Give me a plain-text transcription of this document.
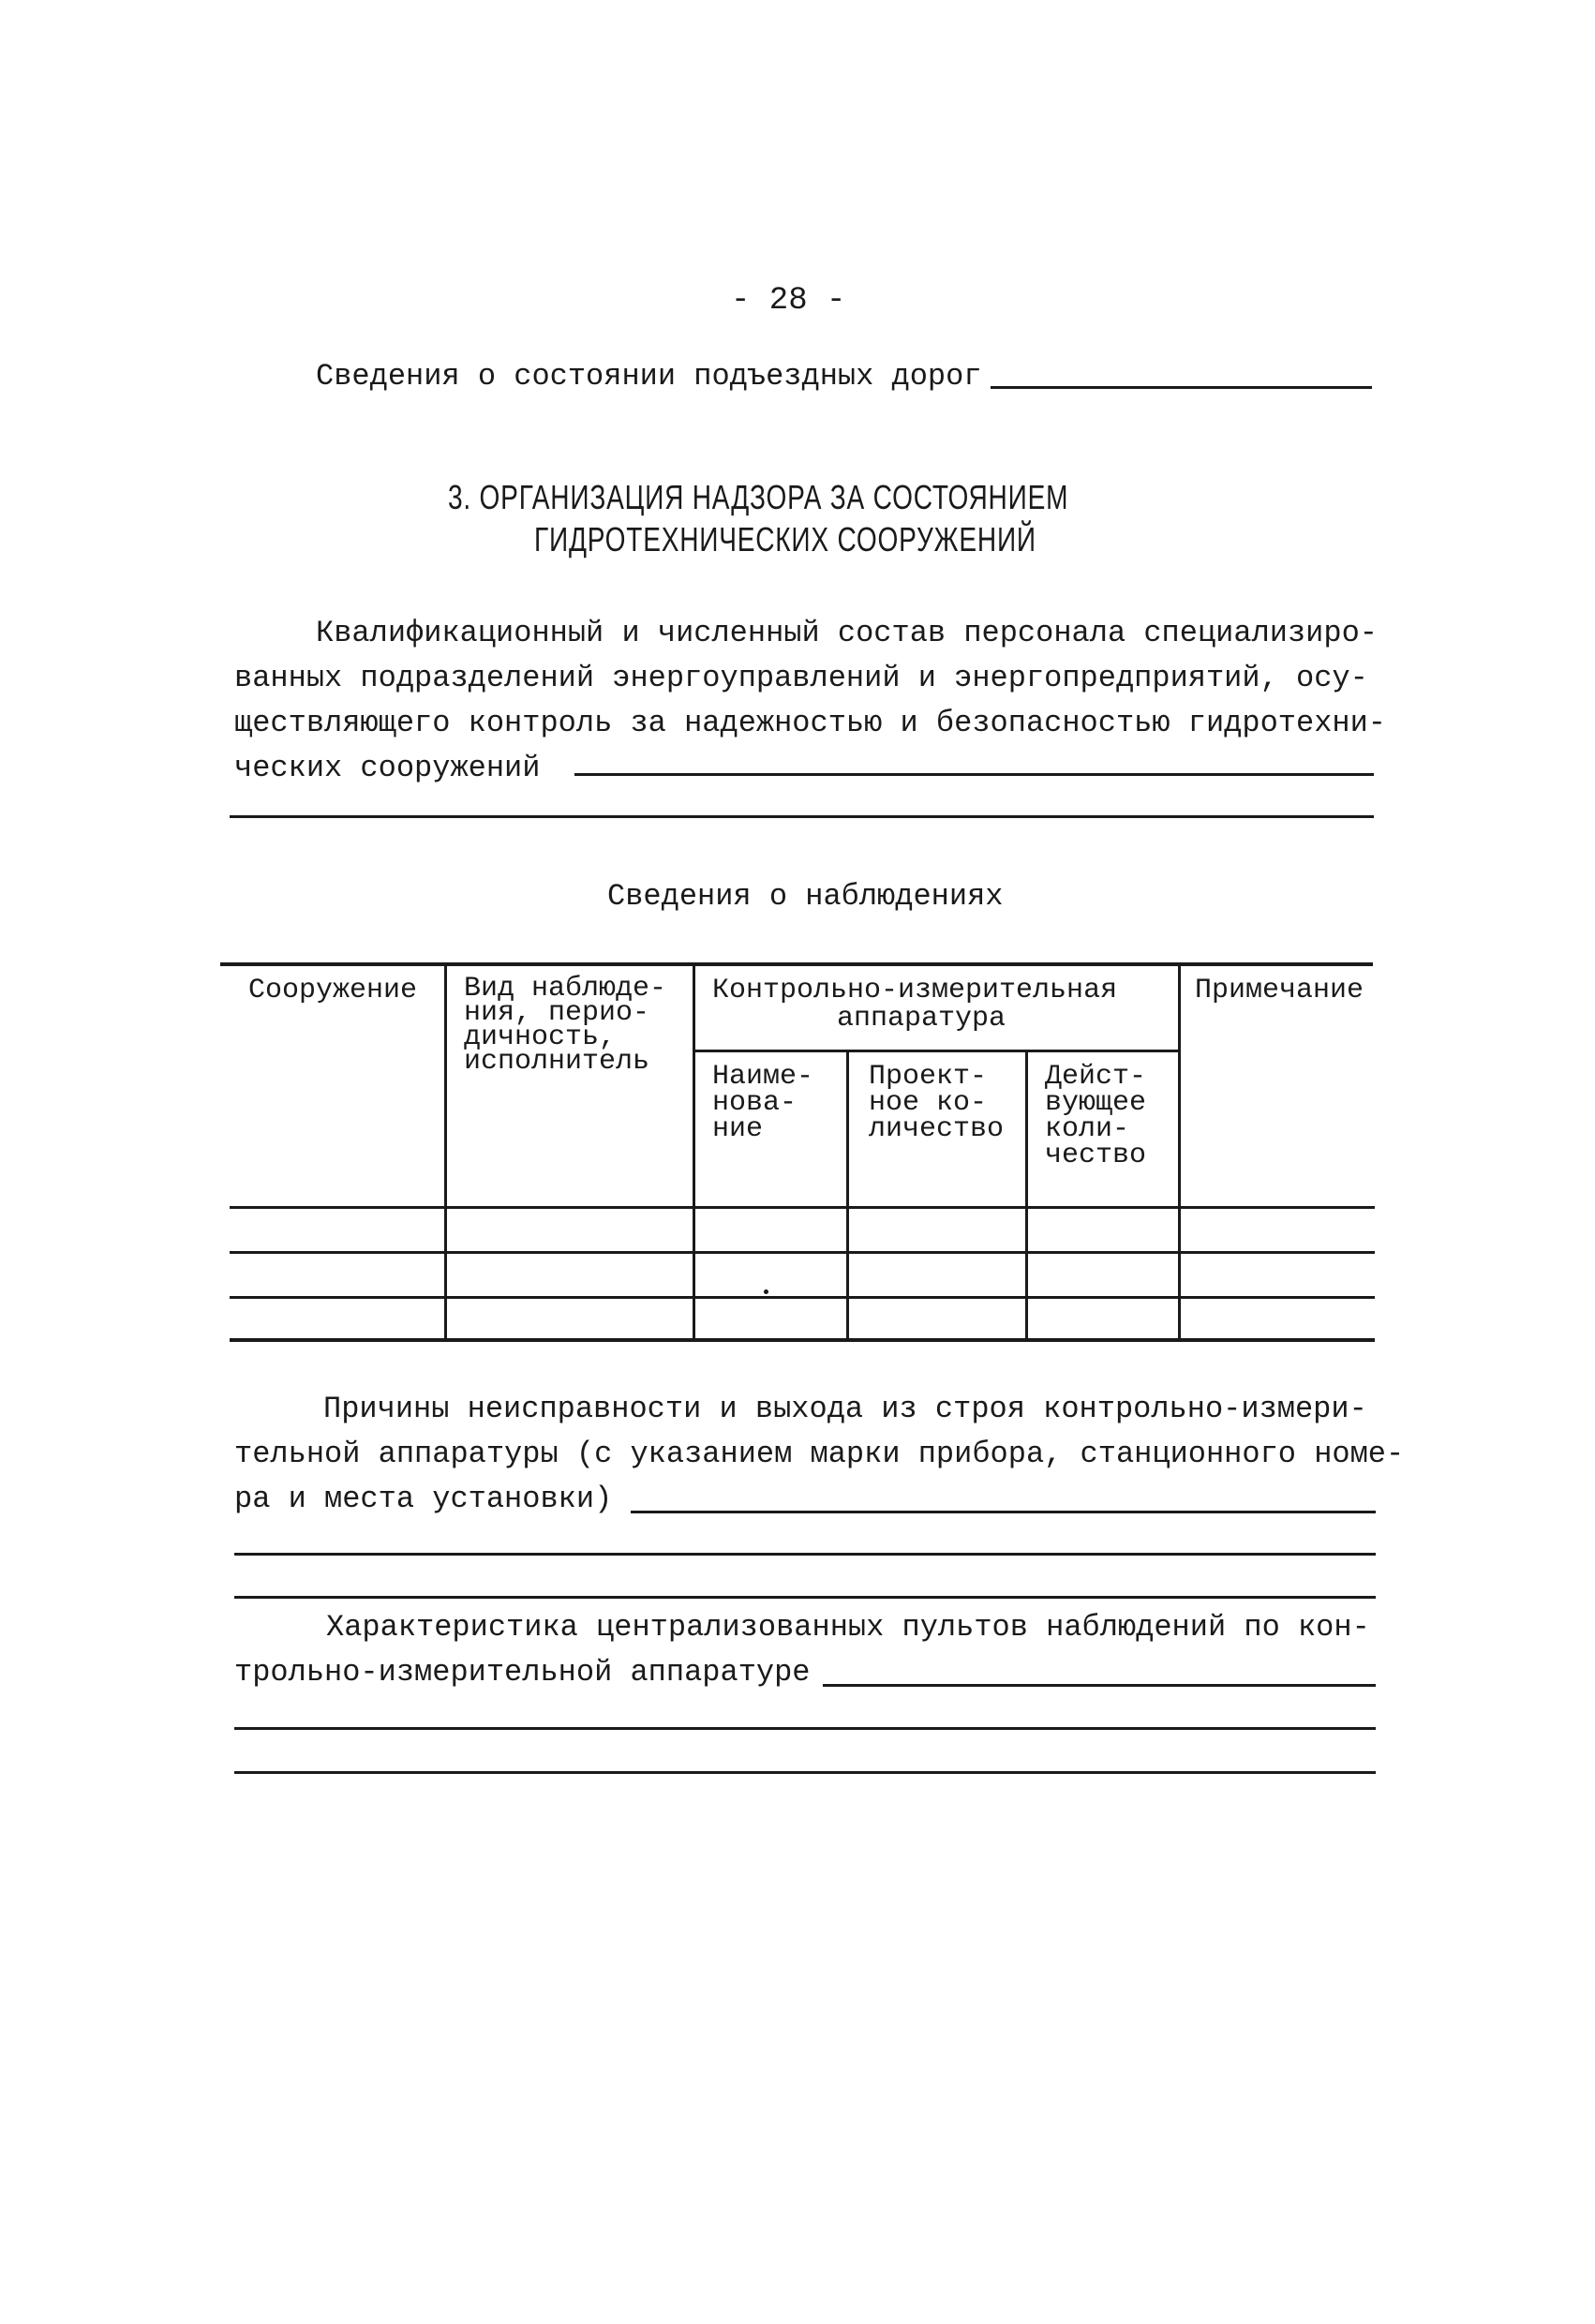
- 28 -
Сведения о состоянии подъездных дорог
3. ОРГАНИЗАЦИЯ НАДЗОРА ЗА СОСТОЯНИЕМ
ГИДРОТЕХНИЧЕСКИХ СООРУЖЕНИЙ
Квалификационный и численный состав персонала специализиро-
ванных подразделений энергоуправлений и энергопредприятий, осу-
ществляющего контроль за надежностью и безопасностью гидротехни-
ческих сооружений
Сведения о наблюдениях
Сооружение Вид наблюде-
ния, перио-
дичность,
исполнитель
Контрольно-измерительная
аппаратура
Наиме-
нова-
ние
Проект-
ное ко-
личество
Дейст-
вующее
коли-
чество
Примечание
Причины неисправности и выхода из строя контрольно-измери-
тельной аппаратуры (с указанием марки прибора, станционного номе-
ра и места установки)
Характеристика централизованных пультов наблюдений по кон-
трольно-измерительной аппаратуре
